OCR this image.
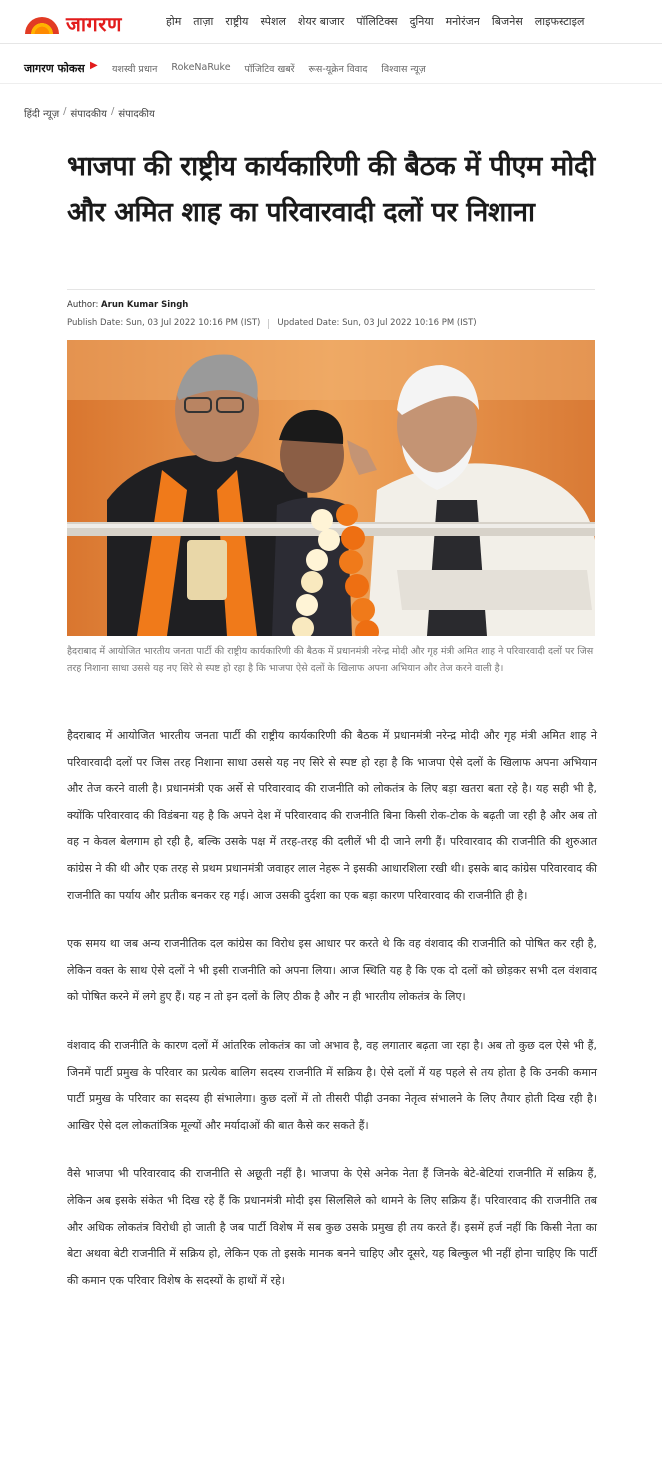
जागरण	होम ताज़ा राष्ट्रीय स्पेशल शेयर बाजार पॉलिटिक्स दुनिया मनोरंजन बिजनेस लाइफस्टाइल
जागरण फोकस ▶ यशस्वी प्रधान RokeNaRuke पॉजिटिव खबरें रूस-यूक्रेन विवाद विश्वास न्यूज़
हिंदी न्यूज़ / संपादकीय / संपादकीय
भाजपा की राष्ट्रीय कार्यकारिणी की बैठक में पीएम मोदी और अमित शाह का परिवारवादी दलों पर निशाना
Author: Arun Kumar Singh
Publish Date: Sun, 03 Jul 2022 10:16 PM (IST) Updated Date: Sun, 03 Jul 2022 10:16 PM (IST)

हैदराबाद में आयोजित भारतीय जनता पार्टी की राष्ट्रीय कार्यकारिणी की बैठक में प्रधानमंत्री नरेन्द्र मोदी और गृह मंत्री अमित शाह ने परिवारवादी दलों पर जिस तरह निशाना साधा उससे यह नए सिरे से स्पष्ट हो रहा है कि भाजपा ऐसे दलों के खिलाफ अपना अभियान और तेज करने वाली है।

हैदराबाद में आयोजित भारतीय जनता पार्टी की राष्ट्रीय कार्यकारिणी की बैठक में प्रधानमंत्री नरेन्द्र मोदी और गृह मंत्री अमित शाह ने परिवारवादी दलों पर जिस तरह निशाना साधा उससे यह नए सिरे से स्पष्ट हो रहा है कि भाजपा ऐसे दलों के खिलाफ अपना अभियान और तेज करने वाली है। प्रधानमंत्री एक अर्से से परिवारवाद की राजनीति को लोकतंत्र के लिए बड़ा खतरा बता रहे है। यह सही भी है, क्योंकि परिवारवाद की विडंबना यह है कि अपने देश में परिवारवाद की राजनीति बिना किसी रोक-टोक के बढ़ती जा रही है और अब तो वह न केवल बेलगाम हो रही है, बल्कि उसके पक्ष में तरह-तरह की दलीलें भी दी जाने लगी हैं। परिवारवाद की राजनीति की शुरुआत कांग्रेस ने की थी और एक तरह से प्रथम प्रधानमंत्री जवाहर लाल नेहरू ने इसकी आधारशिला रखी थी। इसके बाद कांग्रेस परिवारवाद की राजनीति का पर्याय और प्रतीक बनकर रह गई। आज उसकी दुर्दशा का एक बड़ा कारण परिवारवाद की राजनीति ही है।

एक समय था जब अन्य राजनीतिक दल कांग्रेस का विरोध इस आधार पर करते थे कि वह वंशवाद की राजनीति को पोषित कर रही है, लेकिन वक्त के साथ ऐसे दलों ने भी इसी राजनीति को अपना लिया। आज स्थिति यह है कि एक दो दलों को छोड़कर सभी दल वंशवाद को पोषित करने में लगे हुए हैं। यह न तो इन दलों के लिए ठीक है और न ही भारतीय लोकतंत्र के लिए।

वंशवाद की राजनीति के कारण दलों में आंतरिक लोकतंत्र का जो अभाव है, वह लगातार बढ़ता जा रहा है। अब तो कुछ दल ऐसे भी हैं, जिनमें पार्टी प्रमुख के परिवार का प्रत्येक बालिग सदस्य राजनीति में सक्रिय है। ऐसे दलों में यह पहले से तय होता है कि उनकी कमान पार्टी प्रमुख के परिवार का सदस्य ही संभालेगा। कुछ दलों में तो तीसरी पीढ़ी उनका नेतृत्व संभालने के लिए तैयार होती दिख रही है। आखिर ऐसे दल लोकतांत्रिक मूल्यों और मर्यादाओं की बात कैसे कर सकते हैं।

वैसे भाजपा भी परिवारवाद की राजनीति से अछूती नहीं है। भाजपा के ऐसे अनेक नेता हैं जिनके बेटे-बेटियां राजनीति में सक्रिय हैं, लेकिन अब इसके संकेत भी दिख रहे हैं कि प्रधानमंत्री मोदी इस सिलसिले को थामने के लिए सक्रिय हैं। परिवारवाद की राजनीति तब और अधिक लोकतंत्र विरोधी हो जाती है जब पार्टी विशेष में सब कुछ उसके प्रमुख ही तय करते हैं। इसमें हर्ज नहीं कि किसी नेता का बेटा अथवा बेटी राजनीति में सक्रिय हो, लेकिन एक तो इसके मानक बनने चाहिए और दूसरे, यह बिल्कुल भी नहीं होना चाहिए कि पार्टी की कमान एक परिवार विशेष के सदस्यों के हाथों में रहे।
